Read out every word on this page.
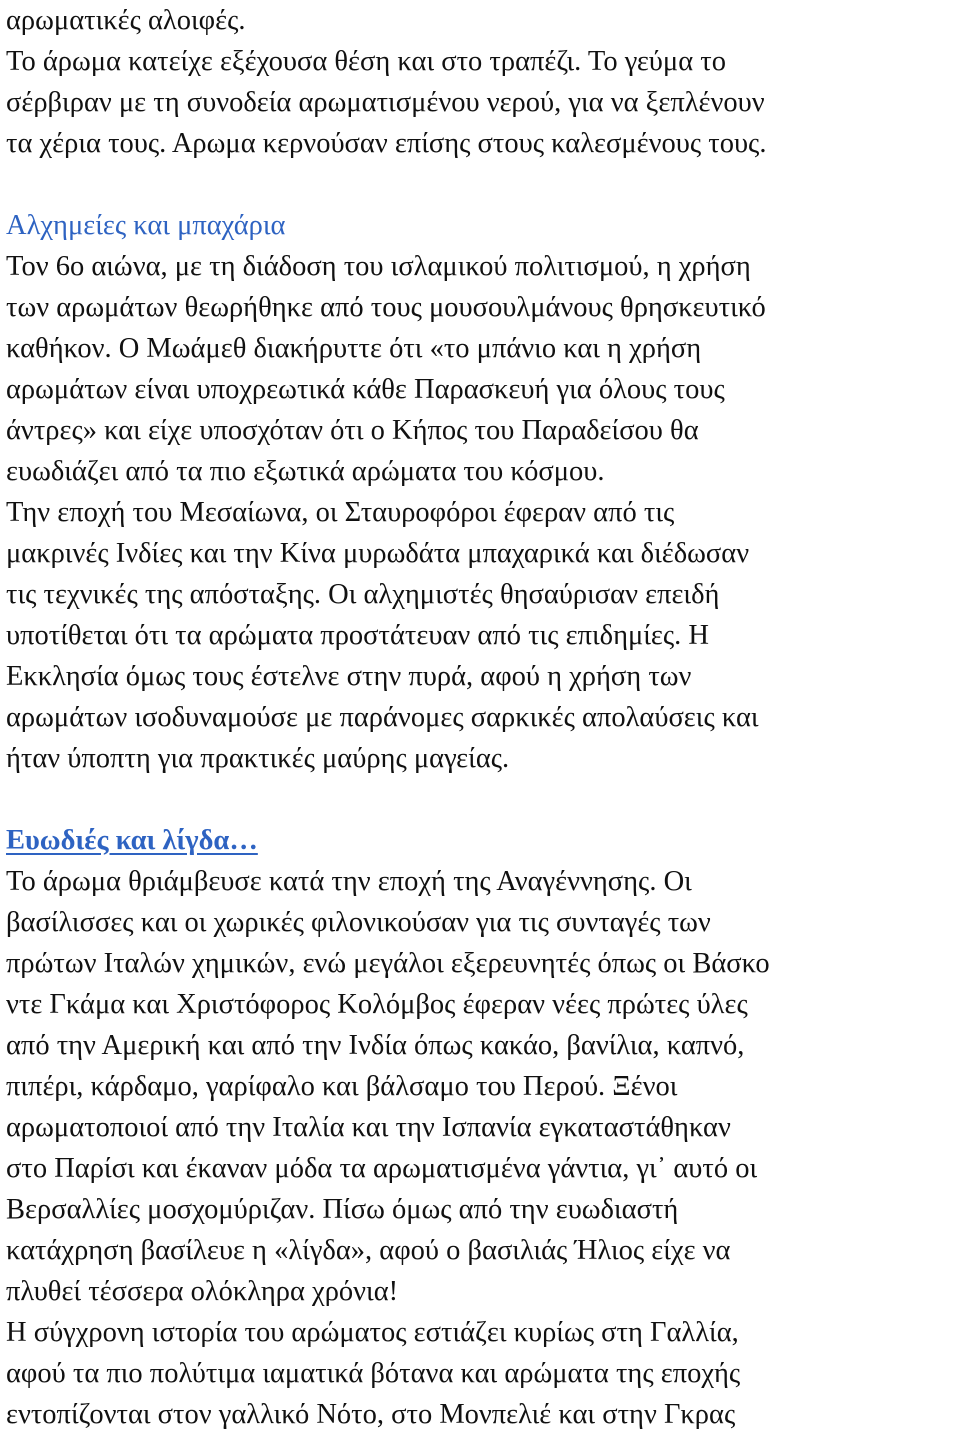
αρωματικές αλοιφές.
Το άρωμα κατείχε εξέχουσα θέση και στο τραπέζι. Το γεύμα το
σέρβιραν με τη συνοδεία αρωματισμένου νερού, για να ξεπλένουν
τα χέρια τους. Αρωμα κερνούσαν επίσης στους καλεσμένους τους.
Αλχημείες και μπαχάρια
Τον 6ο αιώνα, με τη διάδοση του ισλαμικού πολιτισμού, η χρήση
των αρωμάτων θεωρήθηκε από τους μουσουλμάνους θρησκευτικό
καθήκον. Ο Μωάμεθ διακήρυττε ότι «το μπάνιο και η χρήση
αρωμάτων είναι υποχρεωτικά κάθε Παρασκευή για όλους τους
άντρες» και είχε υποσχόταν ότι ο Κήπος του Παραδείσου θα
ευωδιάζει από τα πιο εξωτικά αρώματα του κόσμου.
Την εποχή του Μεσαίωνα, οι Σταυροφόροι έφεραν από τις
μακρινές Ινδίες και την Κίνα μυρωδάτα μπαχαρικά και διέδωσαν
τις τεχνικές της απόσταξης. Οι αλχημιστές θησαύρισαν επειδή
υποτίθεται ότι τα αρώματα προστάτευαν από τις επιδημίες. Η
Εκκλησία όμως τους έστελνε στην πυρά, αφού η χρήση των
αρωμάτων ισοδυναμούσε με παράνομες σαρκικές απολαύσεις και
ήταν ύποπτη για πρακτικές μαύρης μαγείας.
Ευωδιές και λίγδα…
Το άρωμα θριάμβευσε κατά την εποχή της Αναγέννησης. Οι
βασίλισσες και οι χωρικές φιλονικούσαν για τις συνταγές των
πρώτων Ιταλών χημικών, ενώ μεγάλοι εξερευνητές όπως οι Βάσκο
ντε Γκάμα και Χριστόφορος Κολόμβος έφεραν νέες πρώτες ύλες
από την Αμερική και από την Ινδία όπως κακάο, βανίλια, καπνό,
πιπέρι, κάρδαμο, γαρίφαλο και βάλσαμο του Περού. Ξένοι
αρωματοποιοί από την Ιταλία και την Ισπανία εγκαταστάθηκαν
στο Παρίσι και έκαναν μόδα τα αρωματισμένα γάντια, γι᾽ αυτό οι
Βερσαλλίες μοσχομύριζαν. Πίσω όμως από την ευωδιαστή
κατάχρηση βασίλευε η «λίγδα», αφού ο βασιλιάς Ήλιος είχε να
πλυθεί τέσσερα ολόκληρα χρόνια!
Η σύγχρονη ιστορία του αρώματος εστιάζει κυρίως στη Γαλλία,
αφού τα πιο πολύτιμα ιαματικά βότανα και αρώματα της εποχής
εντοπίζονται στον γαλλικό Νότο, στο Μονπελιέ και στην Γκρας
